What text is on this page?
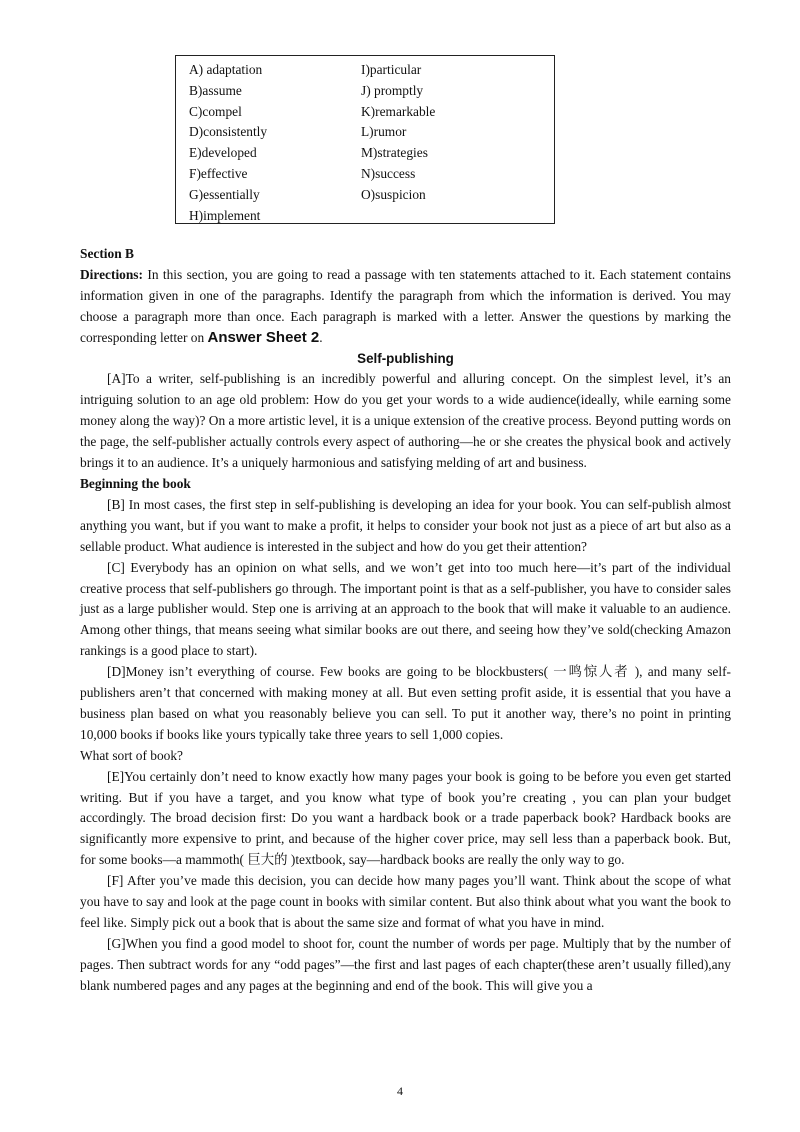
A) adaptation
B)assume
C)compel
D)consistently
E)developed
F)effective
G)essentially
H)implement
I)particular
J) promptly
K)remarkable
L)rumor
M)strategies
N)success
O)suspicion

Section B

Directions: In this section, you are going to read a passage with ten statements attached to it. Each statement contains information given in one of the paragraphs. Identify the paragraph from which the information is derived. You may choose a paragraph more than once. Each paragraph is marked with a letter. Answer the questions by marking the corresponding letter on Answer Sheet 2.

Self-publishing

[A]To a writer, self-publishing is an incredibly powerful and alluring concept. On the simplest level, it’s an intriguing solution to an age old problem: How do you get your words to a wide audience(ideally, while earning some money along the way)? On a more artistic level, it is a unique extension of the creative process. Beyond putting words on the page, the self-publisher actually controls every aspect of authoring—he or she creates the physical book and actively brings it to an audience. It’s a uniquely harmonious and satisfying melding of art and business.

Beginning the book

[B] In most cases, the first step in self-publishing is developing an idea for your book. You can self-publish almost anything you want, but if you want to make a profit, it helps to consider your book not just as a piece of art but also as a sellable product. What audience is interested in the subject and how do you get their attention?

[C] Everybody has an opinion on what sells, and we won’t get into too much here—it’s part of the individual creative process that self-publishers go through. The important point is that as a self-publisher, you have to consider sales just as a large publisher would. Step one is arriving at an approach to the book that will make it valuable to an audience. Among other things, that means seeing what similar books are out there, and seeing how they’ve sold(checking Amazon rankings is a good place to start).

[D]Money isn’t everything of course. Few books are going to be blockbusters( 一鸣惊人者 ), and many self-publishers aren’t that concerned with making money at all. But even setting profit aside, it is essential that you have a business plan based on what you reasonably believe you can sell. To put it another way, there’s no point in printing 10,000 books if books like yours typically take three years to sell 1,000 copies.

What sort of book?

[E]You certainly don’t need to know exactly how many pages your book is going to be before you even get started writing. But if you have a target, and you know what type of book you’re creating , you can plan your budget accordingly. The broad decision first: Do you want a hardback book or a trade paperback book? Hardback books are significantly more expensive to print, and because of the higher cover price, may sell less than a paperback book. But, for some books—a mammoth( 巨大的 )textbook, say—hardback books are really the only way to go.

[F] After you’ve made this decision, you can decide how many pages you’ll want. Think about the scope of what you have to say and look at the page count in books with similar content. But also think about what you want the book to feel like. Simply pick out a book that is about the same size and format of what you have in mind.

[G]When you find a good model to shoot for, count the number of words per page. Multiply that by the number of pages. Then subtract words for any “odd pages”—the first and last pages of each chapter(these aren’t usually filled),any blank numbered pages and any pages at the beginning and end of the book. This will give you a

4
